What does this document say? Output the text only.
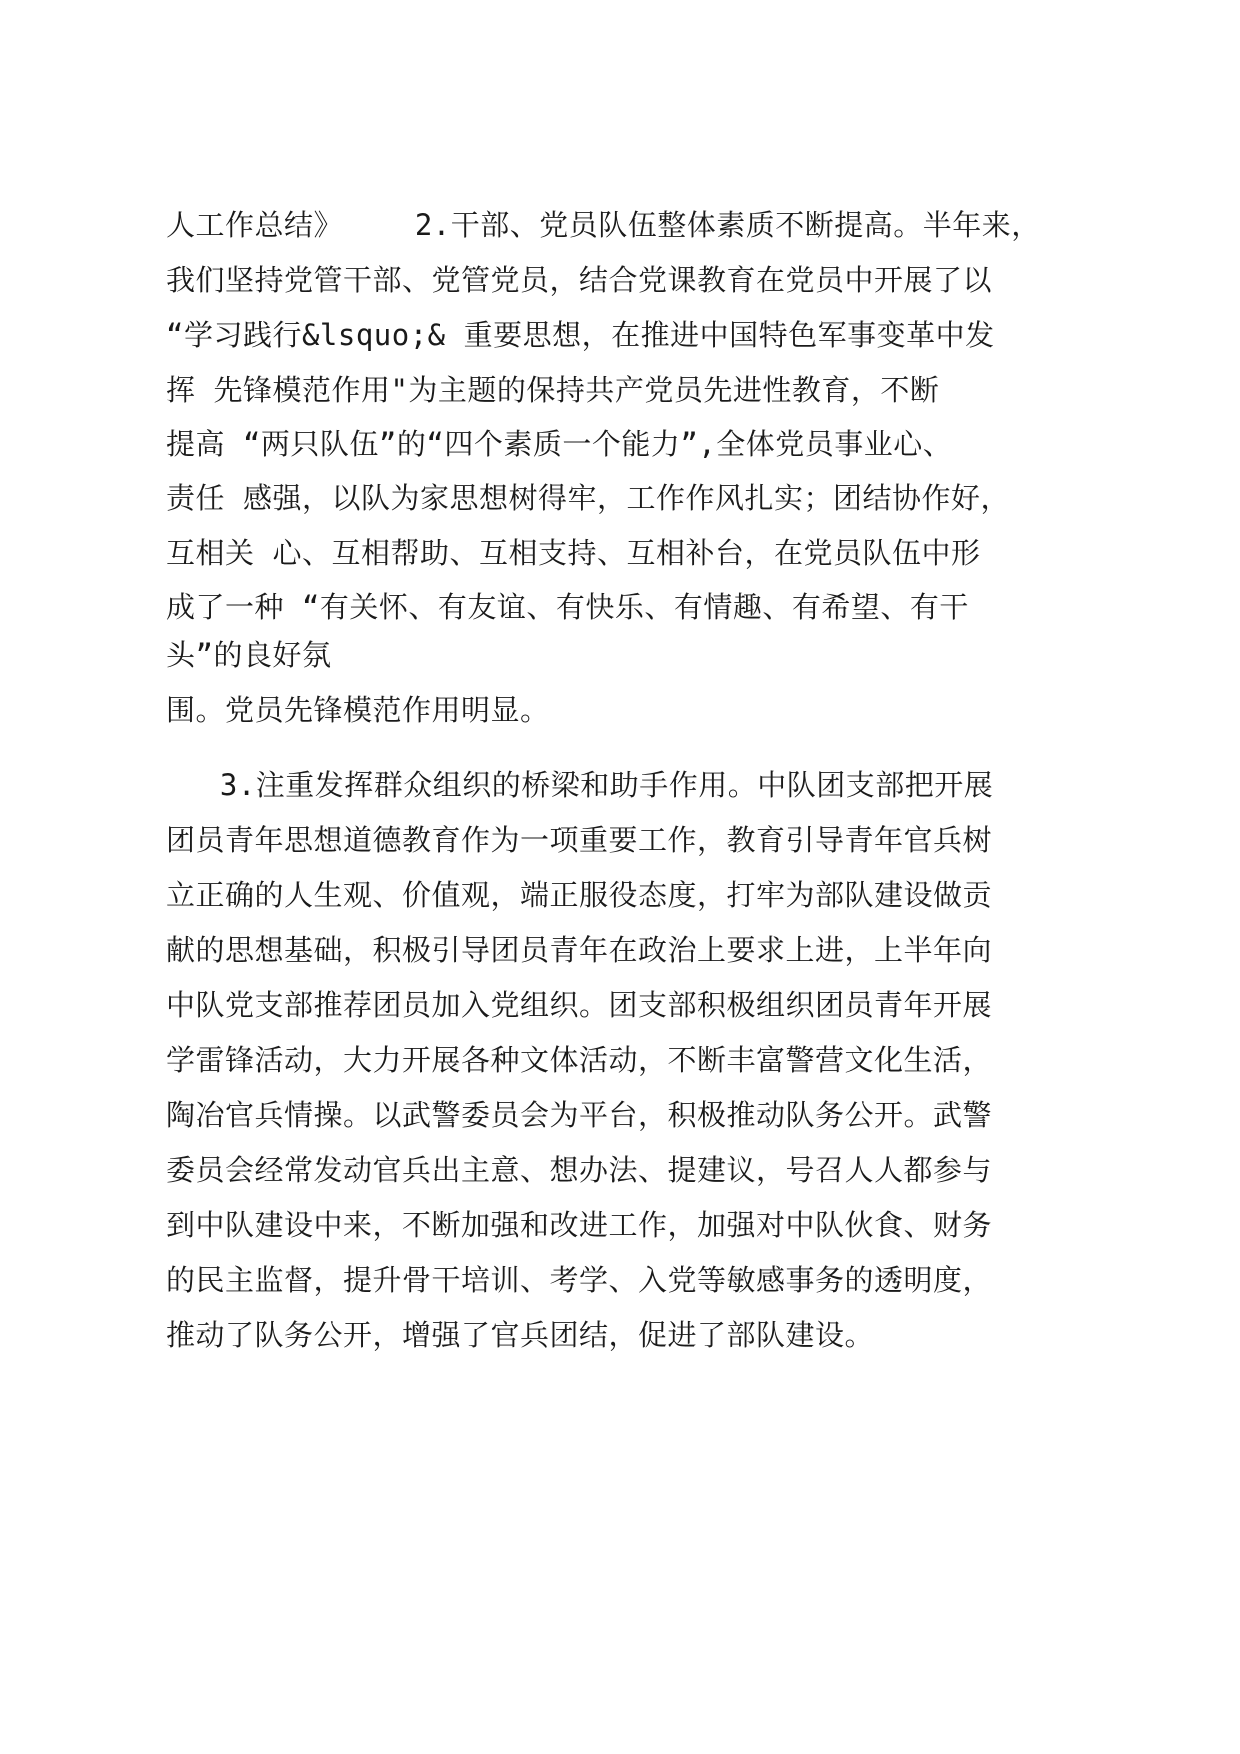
人工作总结》    2.干部、党员队伍整体素质不断提高。半年来，
我们坚持党管干部、党管党员，结合党课教育在党员中开展了以
“学习践行&lsquo;& 重要思想，在推进中国特色军事变革中发
挥 先锋模范作用"为主题的保持共产党员先进性教育，不断
提高 “两只队伍”的“四个素质一个能力”,全体党员事业心、
责任 感强，以队为家思想树得牢，工作作风扎实；团结协作好，
互相关 心、互相帮助、互相支持、互相补台，在党员队伍中形
成了一种 “有关怀、有友谊、有快乐、有情趣、有希望、有干
头”的良好氛
围。党员先锋模范作用明显。
3.注重发挥群众组织的桥梁和助手作用。中队团支部把开展
团员青年思想道德教育作为一项重要工作，教育引导青年官兵树
立正确的人生观、价值观，端正服役态度，打牢为部队建设做贡
献的思想基础，积极引导团员青年在政治上要求上进，上半年向
中队党支部推荐团员加入党组织。团支部积极组织团员青年开展
学雷锋活动，大力开展各种文体活动，不断丰富警营文化生活，
陶冶官兵情操。以武警委员会为平台，积极推动队务公开。武警
委员会经常发动官兵出主意、想办法、提建议，号召人人都参与
到中队建设中来，不断加强和改进工作，加强对中队伙食、财务
的民主监督，提升骨干培训、考学、入党等敏感事务的透明度，
推动了队务公开，增强了官兵团结，促进了部队建设。
